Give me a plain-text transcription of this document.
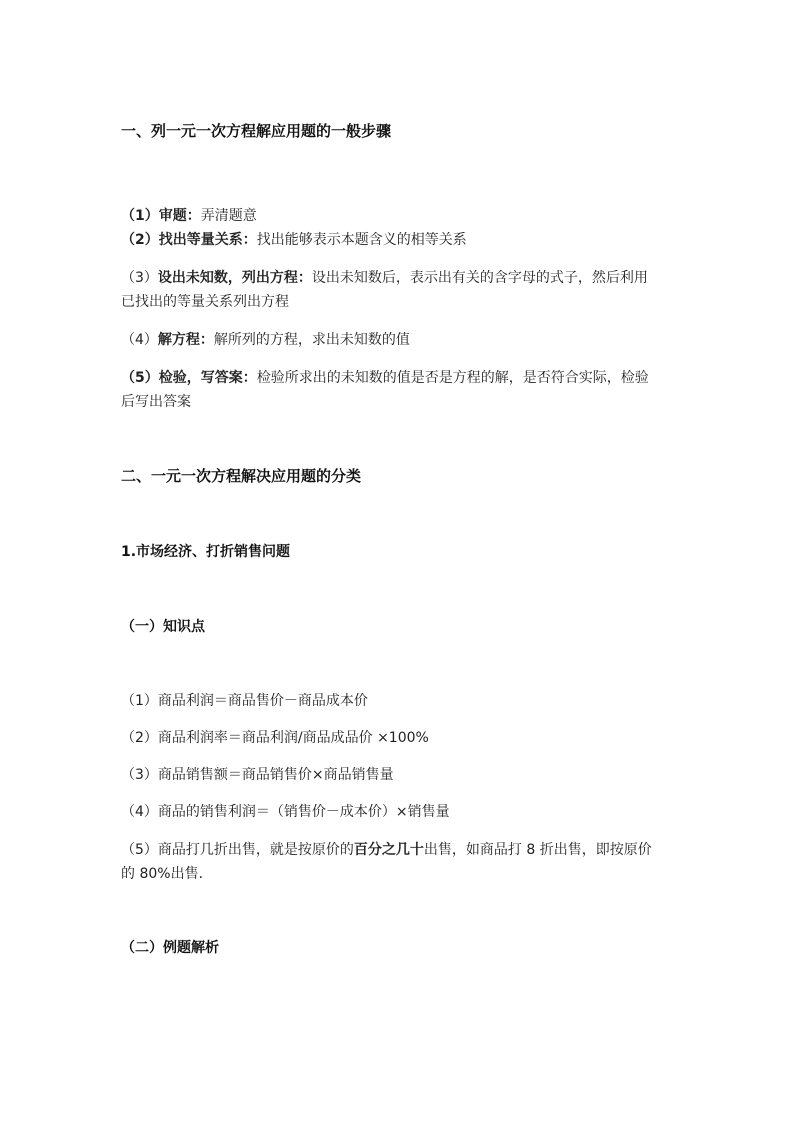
一、列一元一次方程解应用题的一般步骤
（1）审题：弄清题意
（2）找出等量关系：找出能够表示本题含义的相等关系
（3）设出未知数，列出方程：设出未知数后，表示出有关的含字母的式子，然后利用
已找出的等量关系列出方程
（4）解方程：解所列的方程，求出未知数的值
（5）检验，写答案：检验所求出的未知数的值是否是方程的解，是否符合实际，检验
后写出答案
二、一元一次方程解决应用题的分类
1.市场经济、打折销售问题
（一）知识点
（1）商品利润＝商品售价－商品成本价
（2）商品利润率＝商品利润/商品成品价 ×100%
（3）商品销售额＝商品销售价×商品销售量
（4）商品的销售利润＝（销售价－成本价）×销售量
（5）商品打几折出售，就是按原价的百分之几十出售，如商品打 8 折出售，即按原价
的 80%出售．
（二）例题解析
